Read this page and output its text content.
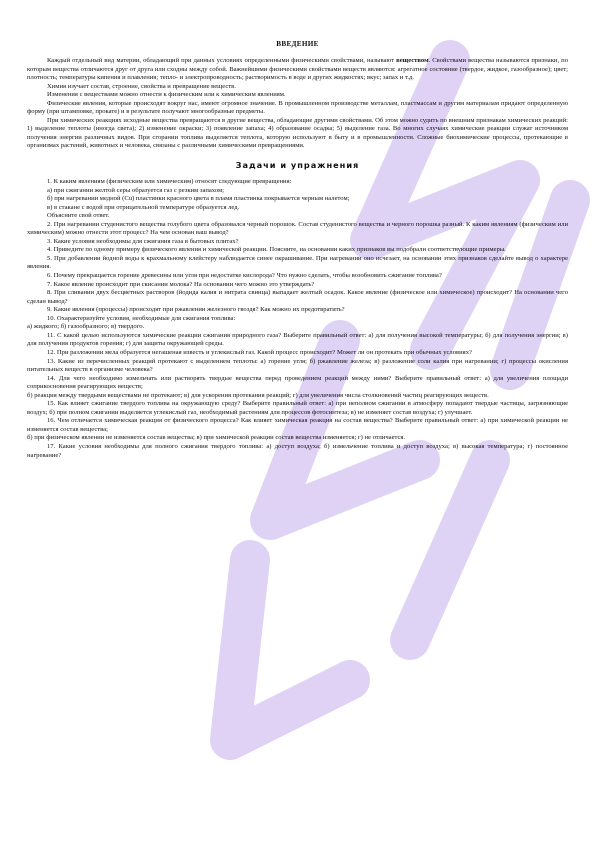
ВВЕДЕНИЕ

Каждый отдельный вид материи, обладающий при данных условиях определенными физическими свойствами, называют веществом. Свойствами вещества называются признаки, по которым вещества отличаются друг от друга или сходны между собой. Важнейшими физическими свойствами веществ являются: агрегатное состояние (твердое, жидкое, газообразное); цвет; плотность; температуры кипения и плавления; тепло- и электропроводность; растворимость в воде и других жидкостях; вкус; запах и т.д.

Химия изучает состав, строение, свойства и превращение веществ.

Изменения с веществами можно отнести к физическим или к химическим явлениям.

Физические явления, которые происходят вокруг нас, имеют огромное значение. В промышленном производстве металлам, пластмассам и другим материалам придают определенную форму (при штамповке, прокате) и в результате получают многообразные предметы.

При химических реакциях исходные вещества превращаются в другие вещества, обладающие другими свойствами. Об этом можно судить по внешним признакам химических реакций: 1) выделение теплоты (иногда света); 2) изменение окраски; 3) появление запаха; 4) образование осадка; 5) выделение газа. Во многих случаях химические реакции служат источником получения энергии различных видов. При сгорании топлива выделяется теплота, которую используют в быту и в промышленности. Сложные биохимические процессы, протекающие в организмах растений, животных и человека, связаны с различными химическими превращениями.

Задачи и упражнения

1. К каким явлениям (физическим или химическим) относят следующие превращения:

а) при сжигании желтой серы образуется газ с резким запахом;

б) при нагревании медной (Cu) пластинки красного цвета в пламя пластинка покрывается черным налетом;

в) в стакане с водой при отрицательной температуре образуется лед.

Объясните свой ответ.

2. При нагревании студенистого вещества голубого цвета образовался черный порошок. Состав студенистого вещества и черного порошка разный. К каким явлениям (физическим или химическим) можно отнести этот процесс? На чем основан ваш вывод?

3. Какие условия необходимы для сжигания газа в бытовых плитах?

4. Приведите по одному примеру физического явления и химической реакции. Поясните, на основании каких признаков вы подобрали соответствующие примеры.

5. При добавлении йодной воды к крахмальному клейстеру наблюдается синее окрашивание. При нагревании оно исчезает, на основании этих признаков сделайте вывод о характере явления.

6. Почему прекращается горение древесины или угля при недостатке кислорода? Что нужно сделать, чтобы возобновить сжигание топлива?

7. Какое явление происходит при скисании молока? На основании чего можно это утверждать?

8. При сливании двух бесцветных растворов (йодида калия и нитрата свинца) выпадает желтый осадок. Какое явление (физическое или химическое) происходит? На основании чего сделан вывод?

9. Какие явления (процессы) происходят при ржавлении железного гвоздя? Как можно их предотвратить?

10. Охарактеризуйте условия, необходимые для сжигания топлива:

а) жидкого; б) газообразного; в) твердого.

11. С какой целью используются химические реакции сжигания природного газа? Выберите правильный ответ: а) для получения высокой температуры; б) для получения энергии; в) для получения продуктов горения; г) для защиты окружающей среды.

12. При разложении мела образуется негашеная известь и углекислый газ. Какой процесс происходит? Может ли он протекать при обычных условиях?

13. Какие из перечисленных реакций протекают с выделением теплоты: а) горение угля; б) ржавление железа; в) разложение соли калия при нагревании; г) процессы окисления питательных веществ в организме человека?

14. Для чего необходимо измельчать или растворять твердые вещества перед проведением реакций между ними? Выберите правильный ответ: а) для увеличения площади соприкосновения реагирующих веществ;

б) реакция между твердыми веществами не протекают; в) для ускорения протекания реакций; г) для увеличения числа столкновений частиц реагирующих веществ.

15. Как влияет сжигание твердого топлива на окружающую среду? Выберите правильный ответ: а) при неполном сжигании в атмосферу попадают твердые частицы, загрязняющие воздух; б) при полном сжигании выделяется углекислый газ, необходимый растениям для процессов фотосинтеза; в) не изменяет состав воздуха; г) улучшает.

16. Чем отличается химическая реакция от физического процесса? Как влияет химическая реакция на состав вещества? Выберите правильный ответ: а) при химической реакции не изменяется состав вещества;

б) при физическом явлении не изменяется состав вещества; в) при химической реакции состав вещества изменяется; г) не отличается.

17. Какие условия необходимы для полного сжигания твердого топлива: а) доступ воздуха; б) измельчение топлива и доступ воздуха; в) высокая температура; г) постоянное нагревание?
